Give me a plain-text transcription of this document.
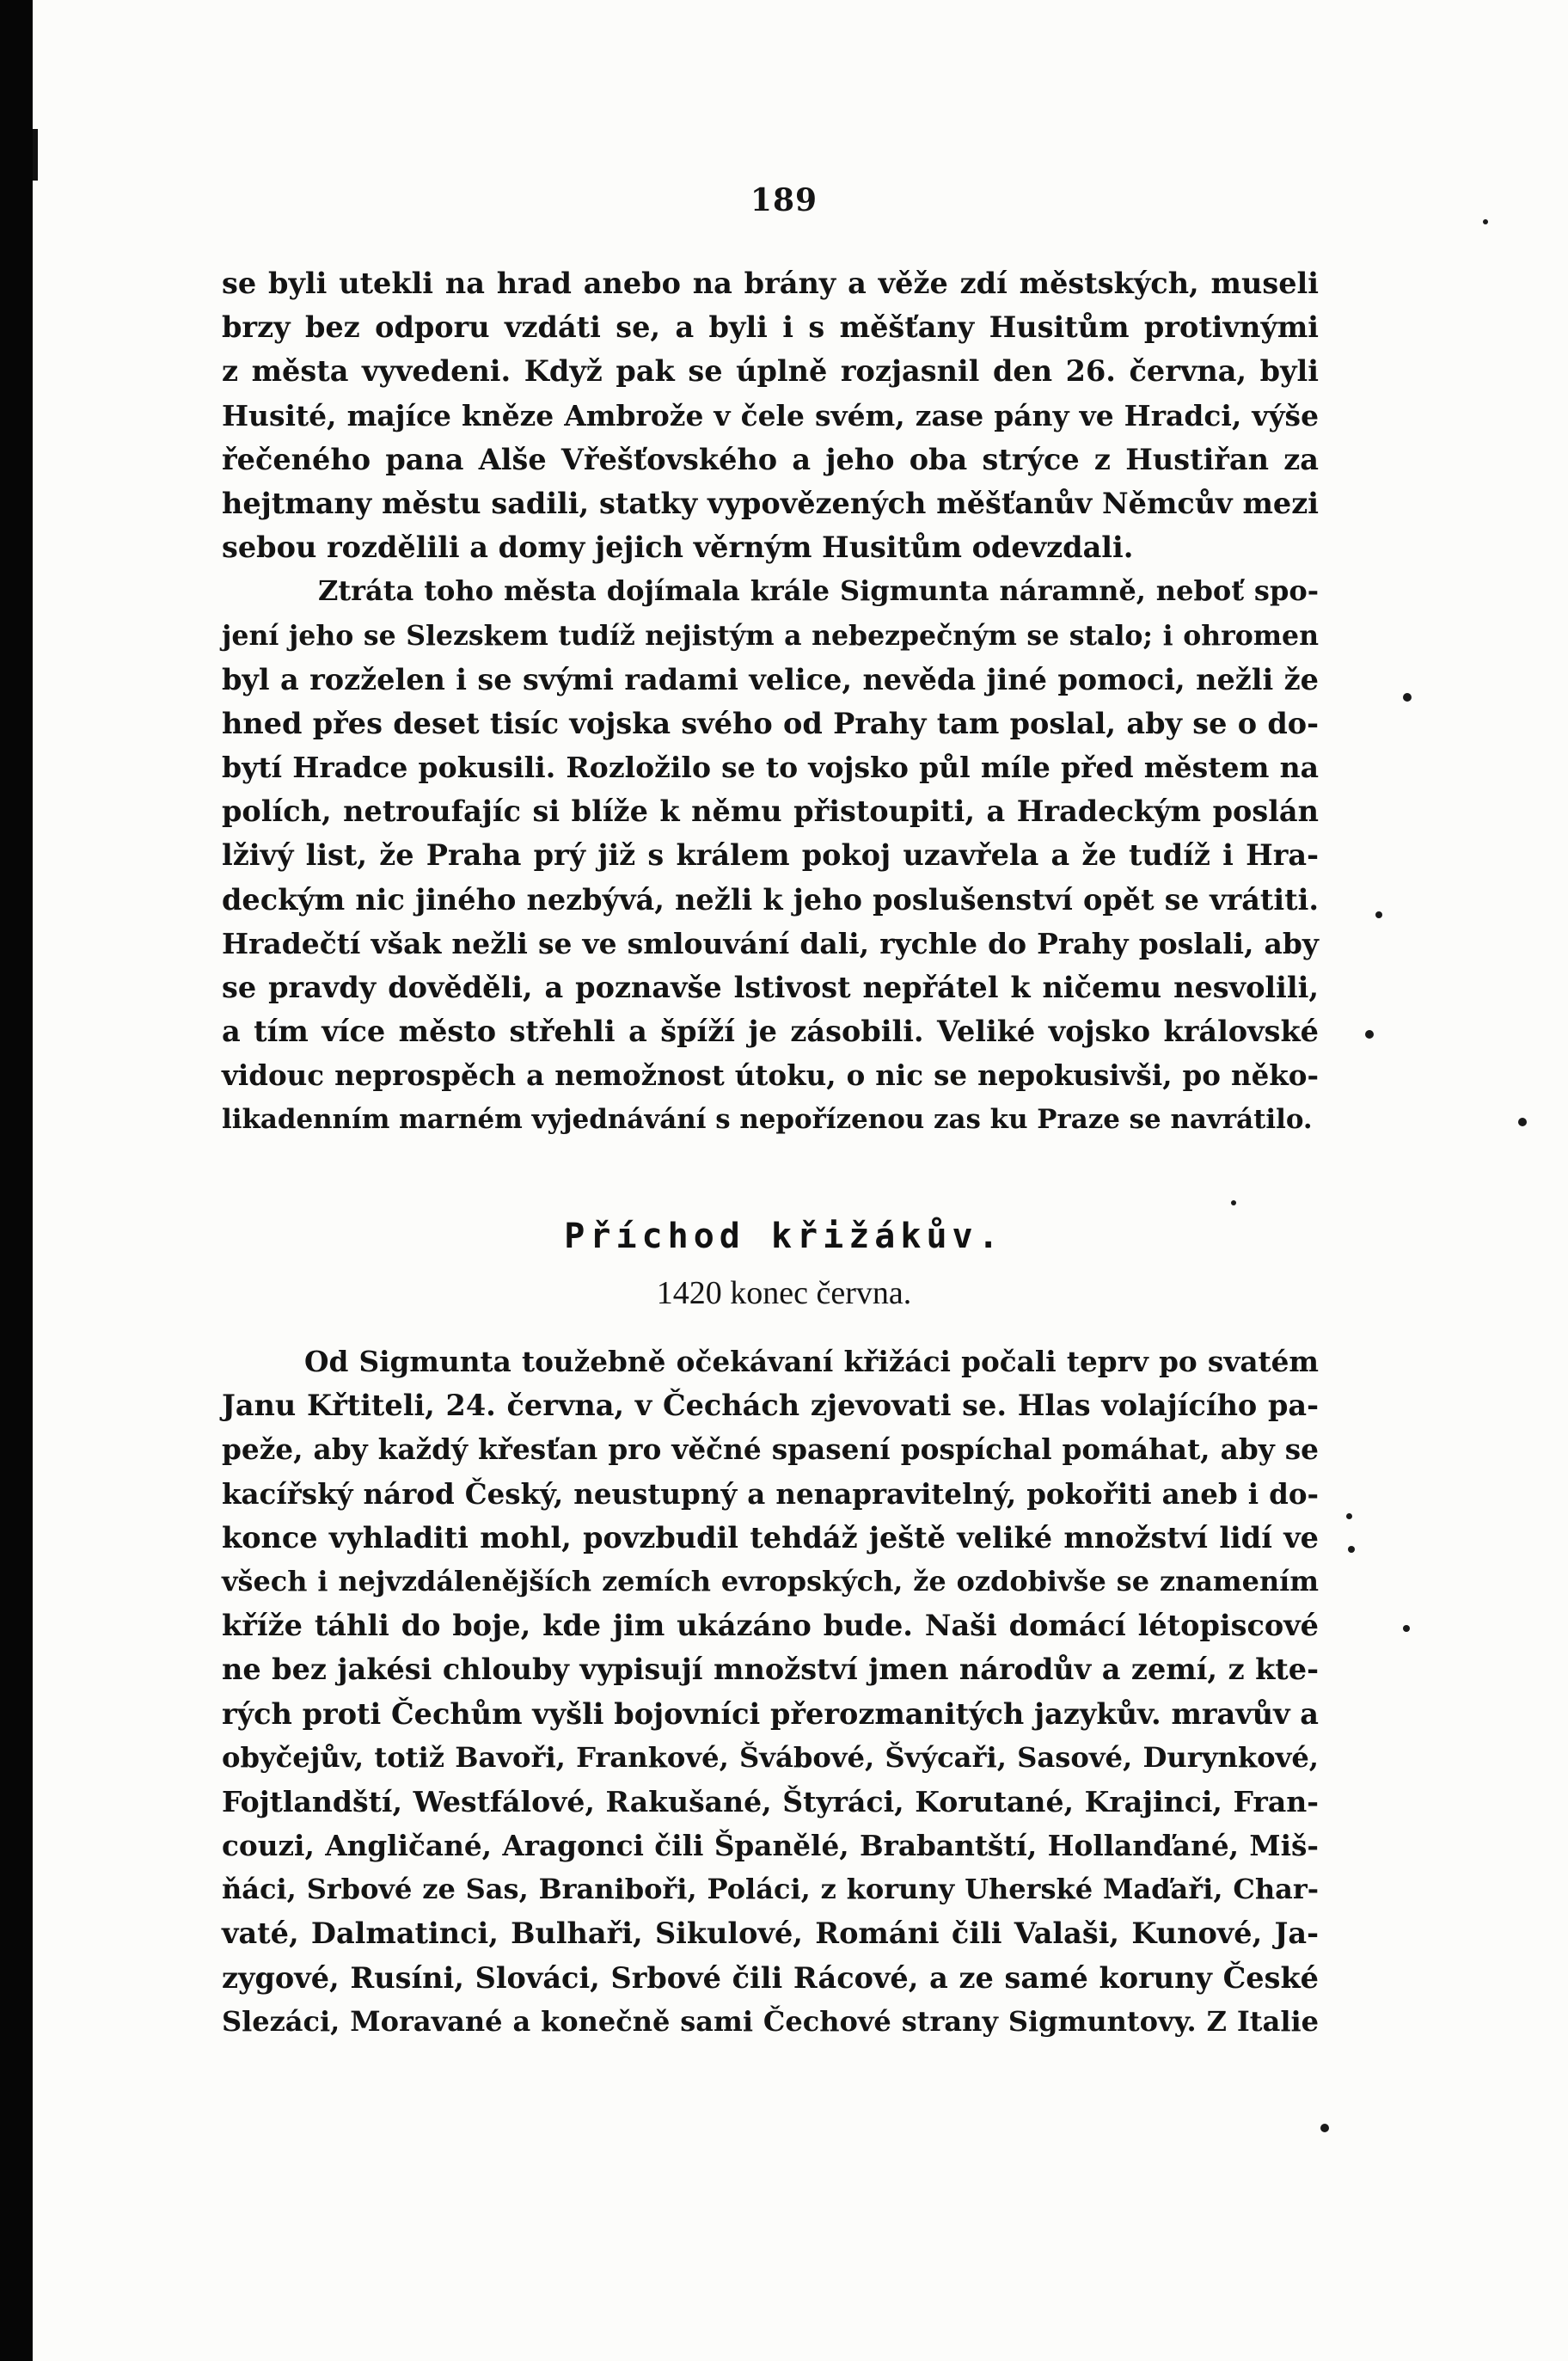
189
se byli utekli na hrad anebo na brány a věže zdí městských, museli
brzy bez odporu vzdáti se, a byli i s měšťany Husitům protivnými
z města vyvedeni. Když pak se úplně rozjasnil den 26. června, byli
Husité, majíce kněze Ambrože v čele svém, zase pány ve Hradci, výše
řečeného pana Alše Vřešťovského a jeho oba strýce z Hustiřan za
hejtmany městu sadili, statky vypovězených měšťanův Němcův mezi
sebou rozdělili a domy jejich věrným Husitům odevzdali.
Ztráta toho města dojímala krále Sigmunta náramně, neboť spo-
jení jeho se Slezskem tudíž nejistým a nebezpečným se stalo; i ohromen
byl a rozželen i se svými radami velice, nevěda jiné pomoci, nežli že
hned přes deset tisíc vojska svého od Prahy tam poslal, aby se o do-
bytí Hradce pokusili. Rozložilo se to vojsko půl míle před městem na
polích, netroufajíc si blíže k němu přistoupiti, a Hradeckým poslán
lživý list, že Praha prý již s králem pokoj uzavřela a že tudíž i Hra-
deckým nic jiného nezbývá, nežli k jeho poslušenství opět se vrátiti.
Hradečtí však nežli se ve smlouvání dali, rychle do Prahy poslali, aby
se pravdy dověděli, a poznavše lstivost nepřátel k ničemu nesvolili,
a tím více město střehli a špíží je zásobili. Veliké vojsko královské
vidouc neprospěch a nemožnost útoku, o nic se nepokusivši, po něko-
likadenním marném vyjednávání s nepořízenou zas ku Praze se navrátilo.
Příchod křižákův.
1420 konec června.
Od Sigmunta toužebně očekávaní křižáci počali teprv po svatém
Janu Křtiteli, 24. června, v Čechách zjevovati se. Hlas volajícího pa-
peže, aby každý křesťan pro věčné spasení pospíchal pomáhat, aby se
kacířský národ Český, neustupný a nenapravitelný, pokořiti aneb i do-
konce vyhladiti mohl, povzbudil tehdáž ještě veliké množství lidí ve
všech i nejvzdálenějších zemích evropských, že ozdobivše se znamením
kříže táhli do boje, kde jim ukázáno bude. Naši domácí létopiscové
ne bez jakési chlouby vypisují množství jmen národův a zemí, z kte-
rých proti Čechům vyšli bojovníci přerozmanitých jazykův. mravův a
obyčejův, totiž Bavoři, Frankové, Švábové, Švýcaři, Sasové, Durynkové,
Fojtlandští, Westfálové, Rakušané, Štyráci, Korutané, Krajinci, Fran-
couzi, Angličané, Aragonci čili Španělé, Brabantští, Hollanďané, Miš-
ňáci, Srbové ze Sas, Braniboři, Poláci, z koruny Uherské Maďaři, Char-
vaté, Dalmatinci, Bulhaři, Sikulové, Románi čili Valaši, Kunové, Ja-
zygové, Rusíni, Slováci, Srbové čili Rácové, a ze samé koruny České
Slezáci, Moravané a konečně sami Čechové strany Sigmuntovy. Z Italie
